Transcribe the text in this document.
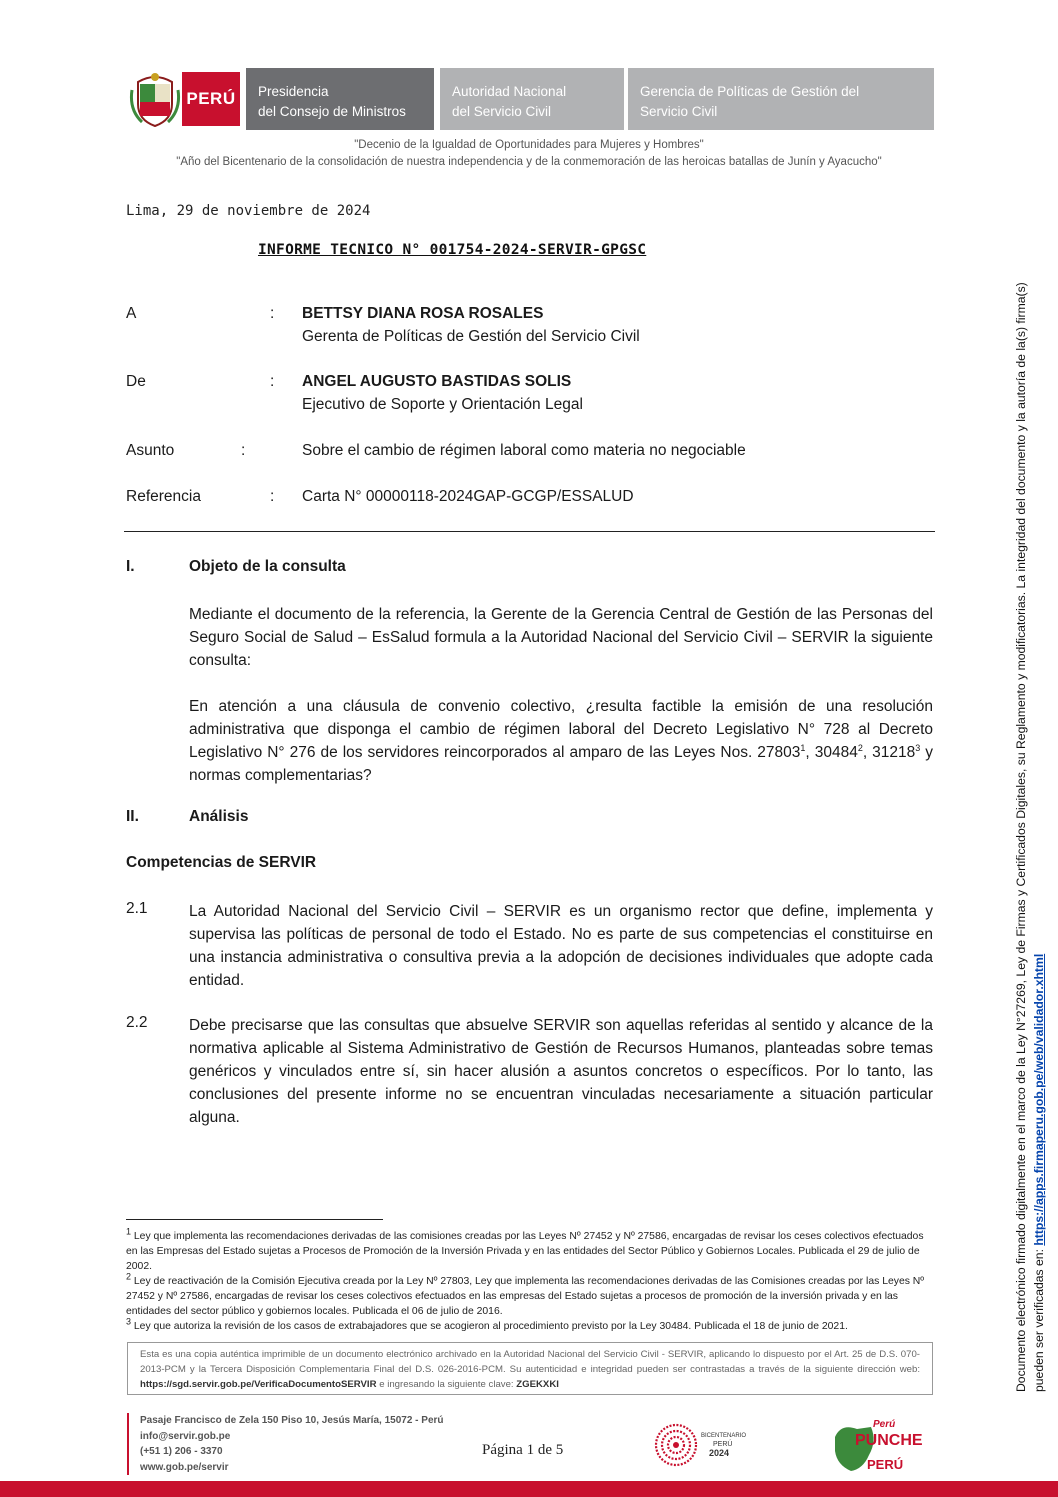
PERÚ	Presidencia
del Consejo de Ministros
Autoridad Nacional
del Servicio Civil
Gerencia de Políticas de Gestión del
Servicio Civil
"Decenio de la Igualdad de Oportunidades para Mujeres y Hombres"
"Año del Bicentenario de la consolidación de nuestra independencia y de la conmemoración de las heroicas batallas de Junín y Ayacucho"
Lima, 29 de noviembre de 2024
INFORME TECNICO N° 001754-2024-SERVIR-GPGSC
A	: BETTSY DIANA ROSA ROSALES
Gerenta de Políticas de Gestión del Servicio Civil
De	: ANGEL AUGUSTO BASTIDAS SOLIS
Ejecutivo de Soporte y Orientación Legal
Asunto	:	Sobre el cambio de régimen laboral como materia no negociable
Referencia	: Carta N° 00000118-2024GAP-GCGP/ESSALUD
I.	Objeto de la consulta
Mediante el documento de la referencia, la Gerente de la Gerencia Central de Gestión de las Personas del Seguro Social de Salud – EsSalud formula a la Autoridad Nacional del Servicio Civil – SERVIR la siguiente consulta:
En atención a una cláusula de convenio colectivo, ¿resulta factible la emisión de una resolución administrativa que disponga el cambio de régimen laboral del Decreto Legislativo N° 728 al Decreto Legislativo N° 276 de los servidores reincorporados al amparo de las Leyes Nos. 27803$^1$, 30484$^2$, 31218$^3$ y normas complementarias?
II.	Análisis
Competencias de SERVIR
2.1	La Autoridad Nacional del Servicio Civil – SERVIR es un organismo rector que define, implementa y supervisa las políticas de personal de todo el Estado. No es parte de sus competencias el constituirse en una instancia administrativa o consultiva previa a la adopción de decisiones individuales que adopte cada entidad.
2.2	Debe precisarse que las consultas que absuelve SERVIR son aquellas referidas al sentido y alcance de la normativa aplicable al Sistema Administrativo de Gestión de Recursos Humanos, planteadas sobre temas genéricos y vinculados entre sí, sin hacer alusión a asuntos concretos o específicos. Por lo tanto, las conclusiones del presente informe no se encuentran vinculadas necesariamente a situación particular alguna.

$^1$ Ley que implementa las recomendaciones derivadas de las comisiones creadas por las Leyes Nº 27452 y Nº 27586, encargadas de revisar los ceses colectivos efectuados en las Empresas del Estado sujetas a Procesos de Promoción de la Inversión Privada y en las entidades del Sector Público y Gobiernos Locales. Publicada el 29 de julio de 2002.

$^2$ Ley de reactivación de la Comisión Ejecutiva creada por la Ley Nº 27803, Ley que implementa las recomendaciones derivadas de las Comisiones creadas por las Leyes Nº 27452 y Nº 27586, encargadas de revisar los ceses colectivos efectuados en las empresas del Estado sujetas a procesos de promoción de la inversión privada y en las entidades del sector público y gobiernos locales. Publicada el 06 de julio de 2016.

$^3$ Ley que autoriza la revisión de los casos de extrabajadores que se acogieron al procedimiento previsto por la Ley 30484. Publicada el 18 de junio de 2021.

Esta es una copia auténtica imprimible de un documento electrónico archivado en la Autoridad Nacional del Servicio Civil - SERVIR, aplicando lo dispuesto por el Art. 25 de D.S. 070-2013-PCM y la Tercera Disposición Complementaria Final del D.S. 026-2016-PCM. Su autenticidad e integridad pueden ser contrastadas a través de la siguiente dirección web: https://sgd.servir.gob.pe/VerificaDocumentoSERVIR e ingresando la siguiente clave: ZGEKXKI
Pasaje Francisco de Zela 150 Piso 10, Jesús María, 15072 - Perú
info@servir.gob.pe
(+51 1) 206 - 3370
www.gob.pe/servir
Página 1 de 5
BICENTENARIO
PERÚ
2024
Perú
PUNCHE
PERÚ
Documento electrónico firmado digitalmente en el marco de la Ley N°27269, Ley de Firmas y Certificados Digitales, su Reglamento y modificatorias. La integridad del documento y la autoría de la(s) firma(s) pueden ser verificadas en: https://apps.firmaperu.gob.pe/web/validador.xhtml
